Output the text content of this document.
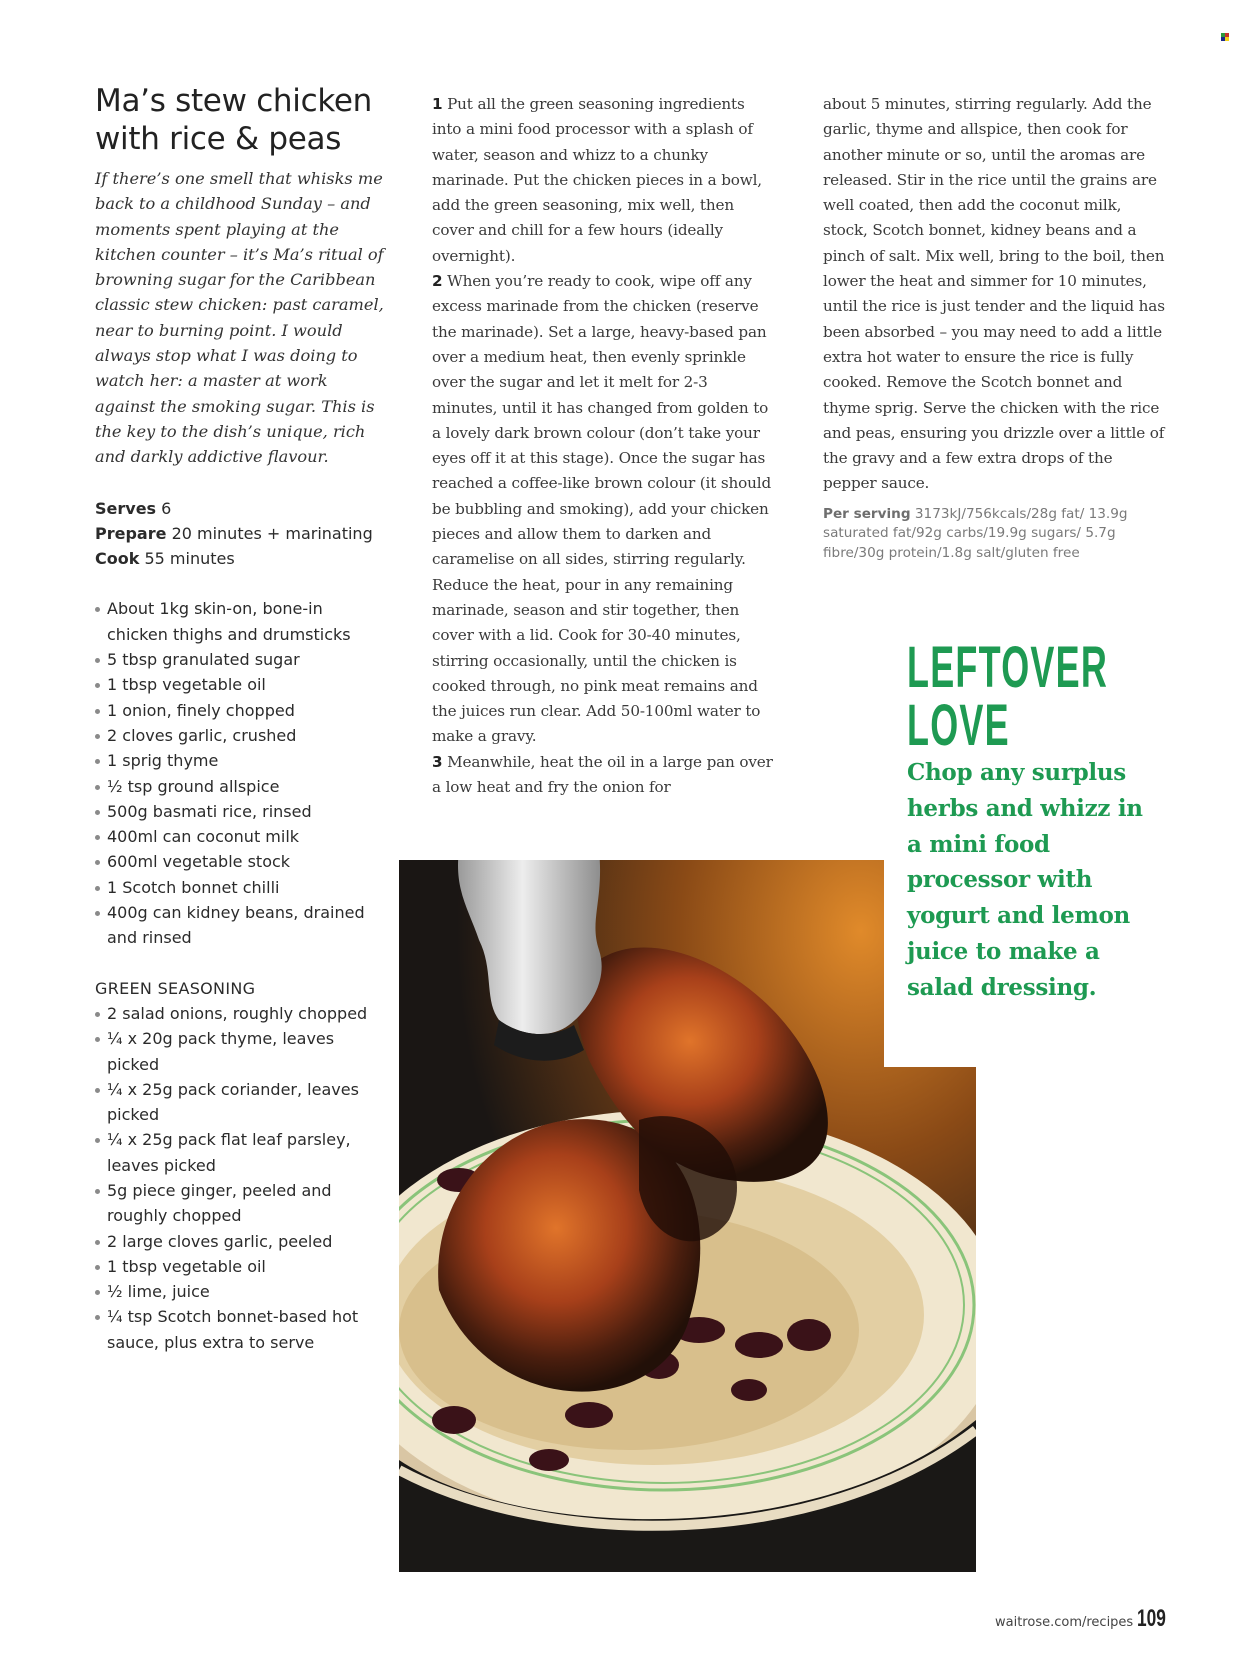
Ma’s stew chicken with rice & peas

If there’s one smell that whisks me back to a childhood Sunday – and moments spent playing at the kitchen counter – it’s Ma’s ritual of browning sugar for the Caribbean classic stew chicken: past caramel, near to burning point. I would always stop what I was doing to watch her: a master at work against the smoking sugar. This is the key to the dish’s unique, rich and darkly addictive flavour.

Serves 6
Prepare 20 minutes + marinating
Cook 55 minutes
About 1kg skin-on, bone-in chicken thighs and drumsticks
5 tbsp granulated sugar
1 tbsp vegetable oil
1 onion, finely chopped
2 cloves garlic, crushed
1 sprig thyme
½ tsp ground allspice
500g basmati rice, rinsed
400ml can coconut milk
600ml vegetable stock
1 Scotch bonnet chilli
400g can kidney beans, drained and rinsed
GREEN SEASONING
2 salad onions, roughly chopped
¼ x 20g pack thyme, leaves picked
¼ x 25g pack coriander, leaves picked
¼ x 25g pack flat leaf parsley, leaves picked
5g piece ginger, peeled and roughly chopped
2 large cloves garlic, peeled
1 tbsp vegetable oil
½ lime, juice
¼ tsp Scotch bonnet-based hot sauce, plus extra to serve

1 Put all the green seasoning ingredients into a mini food processor with a splash of water, season and whizz to a chunky marinade. Put the chicken pieces in a bowl, add the green seasoning, mix well, then cover and chill for a few hours (ideally overnight).

2 When you’re ready to cook, wipe off any excess marinade from the chicken (reserve the marinade). Set a large, heavy-based pan over a medium heat, then evenly sprinkle over the sugar and let it melt for 2-3 minutes, until it has changed from golden to a lovely dark brown colour (don’t take your eyes off it at this stage). Once the sugar has reached a coffee-like brown colour (it should be bubbling and smoking), add your chicken pieces and allow them to darken and caramelise on all sides, stirring regularly. Reduce the heat, pour in any remaining marinade, season and stir together, then cover with a lid. Cook for 30-40 minutes, stirring occasionally, until the chicken is cooked through, no pink meat remains and the juices run clear. Add 50-100ml water to make a gravy.

3 Meanwhile, heat the oil in a large pan over a low heat and fry the onion for

about 5 minutes, stirring regularly. Add the garlic, thyme and allspice, then cook for another minute or so, until the aromas are released. Stir in the rice until the grains are well coated, then add the coconut milk, stock, Scotch bonnet, kidney beans and a pinch of salt. Mix well, bring to the boil, then lower the heat and simmer for 10 minutes, until the rice is just tender and the liquid has been absorbed – you may need to add a little extra hot water to ensure the rice is fully cooked. Remove the Scotch bonnet and thyme sprig. Serve the chicken with the rice and peas, ensuring you drizzle over a little of the gravy and a few extra drops of the pepper sauce.

Per serving 3173kJ/756kcals/28g fat/ 13.9g saturated fat/92g carbs/19.9g sugars/ 5.7g fibre/30g protein/1.8g salt/gluten free
LEFTOVER
LOVE

Chop any surplus herbs and whizz in a mini food processor with yogurt and lemon juice to make a salad dressing.

waitrose.com/recipes 109
